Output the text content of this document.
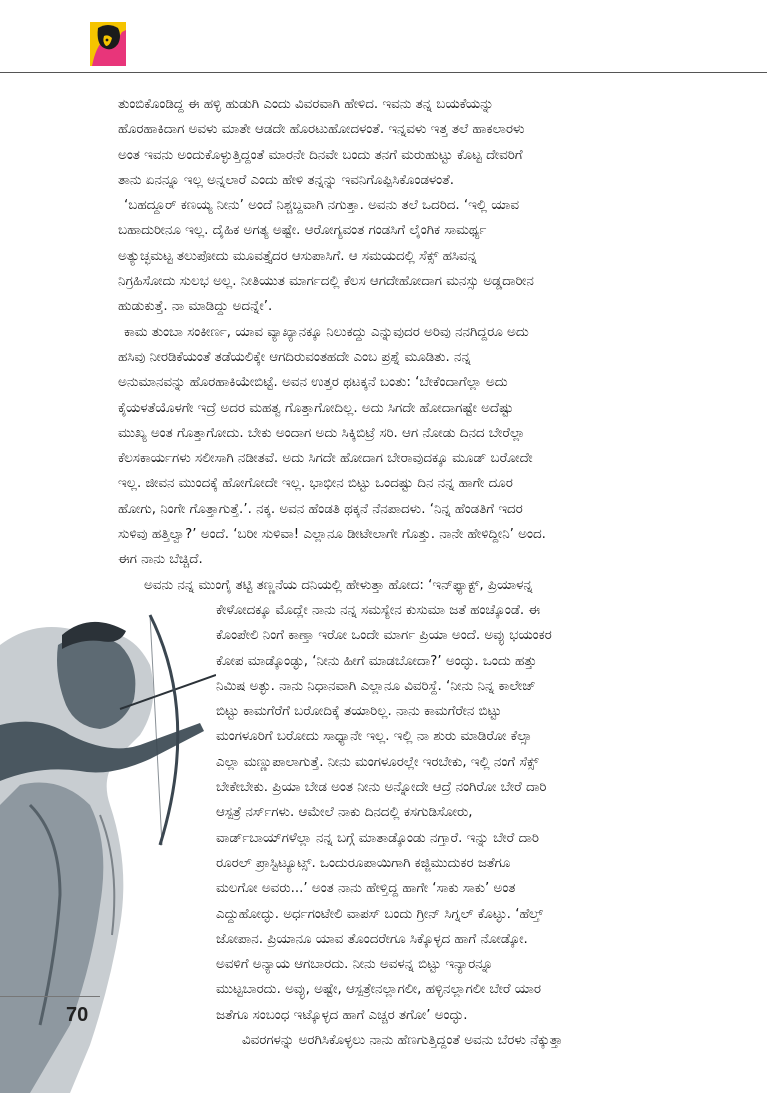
ತುಂಬಿಕೊಂಡಿದ್ದ ಈ ಹಳ್ಳಿ ಹುಡುಗಿ ಎಂದು ವಿವರವಾಗಿ ಹೇಳಿದ. ಇವನು ತನ್ನ ಬಯಕೆಯನ್ನು

ಹೊರಹಾಕಿದಾಗ ಅವಳು ಮಾತೇ ಆಡದೇ ಹೊರಟುಹೋದಳಂತೆ. ಇನ್ನವಳು ಇತ್ತ ತಲೆ ಹಾಕಲಾರಳು

ಅಂತ ಇವನು ಅಂದುಕೊಳ್ಳುತ್ತಿದ್ದಂತೆ ಮಾರನೇ ದಿನವೇ ಬಂದು ತನಗೆ ಮರುಹುಟ್ಟು ಕೊಟ್ಟ ದೇವರಿಗೆ

ತಾನು ಏನನ್ನೂ ಇಲ್ಲ ಅನ್ನಲಾರೆ ಎಂದು ಹೇಳಿ ತನ್ನನ್ನು ಇವನಿಗೊಪ್ಪಿಸಿಕೊಂಡಳಂತೆ.

‘ಬಹದ್ದೂರ್ ಕಣಯ್ಯ ನೀನು’ ಅಂದೆ ನಿಶ್ಚಬ್ದವಾಗಿ ನಗುತ್ತಾ. ಅವನು ತಲೆ ಒದರಿದ. ‘ಇಲ್ಲಿ ಯಾವ

ಬಹಾದುರೀನೂ ಇಲ್ಲ. ದೈಹಿಕ ಅಗತ್ಯ ಅಷ್ಟೇ. ಆರೋಗ್ಯವಂತ ಗಂಡಸಿಗೆ ಲೈಂಗಿಕ ಸಾಮರ್ಥ್ಯ

ಅತ್ಯುಚ್ಛಮಟ್ಟ ತಲುಪೋದು ಮೂವತ್ತೈದರ ಆಸುಪಾಸಿಗೆ. ಆ ಸಮಯದಲ್ಲಿ ಸೆಕ್ಸ್ ಹಸಿವನ್ನ

ನಿಗ್ರಹಿಸೋದು ಸುಲಭ ಅಲ್ಲ. ನೀತಿಯುತ ಮಾರ್ಗದಲ್ಲಿ ಕೆಲಸ ಆಗದೇಹೋದಾಗ ಮನಸ್ಸು ಅಡ್ಡದಾರೀನ

ಹುಡುಕುತ್ತೆ. ನಾ ಮಾಡಿದ್ದು ಅದನ್ನೇ’.

ಕಾಮ ತುಂಬಾ ಸಂಕೀರ್ಣ, ಯಾವ ವ್ಯಾಖ್ಯಾನಕ್ಕೂ ನಿಲುಕದ್ದು ಎನ್ನುವುದರ ಅರಿವು ನನಗಿದ್ದರೂ ಅದು

ಹಸಿವು ನೀರಡಿಕೆಯಂತೆ ತಡೆಯಲಿಕ್ಕೇ ಆಗದಿರುವಂತಹದೇ ಎಂಬ ಪ್ರಶ್ನೆ ಮೂಡಿತು. ನನ್ನ

ಅನುಮಾನವನ್ನು ಹೊರಹಾಕಿಯೇಬಿಟ್ಟೆ. ಅವನ ಉತ್ತರ ಥಟಕ್ಕನೆ ಬಂತು: ‘ಬೇಕೆಂದಾಗೆಲ್ಲಾ ಅದು

ಕೈಯಳತೆಯೊಳಗೇ ಇದ್ರೆ ಅದರ ಮಹತ್ವ ಗೊತ್ತಾಗೋದಿಲ್ಲ. ಅದು ಸಿಗದೇ ಹೋದಾಗಷ್ಟೇ ಅದೆಷ್ಟು

ಮುಖ್ಯ ಅಂತ ಗೊತ್ತಾಗೋದು. ಬೇಕು ಅಂದಾಗ ಅದು ಸಿಕ್ಕಿಬಿಟ್ರೆ ಸರಿ. ಆಗ ನೋಡು ದಿನದ ಬೇರೆಲ್ಲಾ

ಕೆಲಸಕಾರ್ಯಗಳು ಸಲೀಸಾಗಿ ನಡೀತವೆ. ಅದು ಸಿಗದೇ ಹೋದಾಗ ಬೇರಾವುದಕ್ಕೂ ಮೂಡ್ ಬರೋದೇ

ಇಲ್ಲ. ಜೀವನ ಮುಂದಕ್ಕೆ ಹೋಗೋದೇ ಇಲ್ಲ. ಭಾಭೀನ ಬಿಟ್ಟು ಒಂದಷ್ಟು ದಿನ ನನ್ನ ಹಾಗೇ ದೂರ

ಹೋಗು, ನಿಂಗೇ ಗೊತ್ತಾಗುತ್ತೆ.’. ನಕ್ಕ. ಅವನ ಹೆಂಡತಿ ಥಕ್ಕನೆ ನೆನಪಾದಳು. ‘ನಿನ್ನ ಹೆಂಡತಿಗೆ ಇದರ

ಸುಳಿವು ಹತ್ತಿಲ್ವಾ?’ ಅಂದೆ. ‘ಬರೀ ಸುಳಿವಾ! ಎಲ್ಲಾನೂ ಡೀಟೇಲಾಗೇ ಗೊತ್ತು. ನಾನೇ ಹೇಳಿದ್ದೀನಿ’ ಅಂದ.

ಈಗ ನಾನು ಬೆಚ್ಚಿದೆ.

ಅವನು ನನ್ನ ಮುಂಗೈ ತಟ್ಟಿ ತಣ್ಣನೆಯ ದನಿಯಲ್ಲಿ ಹೇಳುತ್ತಾ ಹೋದ: ‘ಇನ್‌ಫ್ಯಾಕ್ಟ್, ಪ್ರಿಯಾಳನ್ನ

70

ಕೇಳೋದಕ್ಕೂ ಮೊದ್ಲೇ ನಾನು ನನ್ನ ಸಮಸ್ಯೇನ ಕುಸುಮಾ ಜತೆ ಹಂಚ್ಕೊಂಡೆ. ಈ

ಕೊಂಪೇಲಿ ನಿಂಗೆ ಕಾಣ್ತಾ ಇರೋ ಒಂದೇ ಮಾರ್ಗ ಪ್ರಿಯಾ ಅಂದೆ. ಅವ್ಳು ಭಯಂಕರ

ಕೋಪ ಮಾಡ್ಕೊಂಡ್ಳು, ‘ನೀನು ಹೀಗೆ ಮಾಡಬೋದಾ?’ ಅಂದ್ಳು. ಒಂದು ಹತ್ತು

ನಿಮಿಷ ಅತ್ಳು. ನಾನು ನಿಧಾನವಾಗಿ ಎಲ್ಲಾನೂ ವಿವರಿಸ್ದೆ. ‘ನೀನು ನಿನ್ನ ಕಾಲೇಜ್

ಬಿಟ್ಟು ಕಾಮಗೆರೆಗೆ ಬರೋದಿಕ್ಕೆ ತಯಾರಿಲ್ಲ. ನಾನು ಕಾಮಗೆರೇನ ಬಿಟ್ಟು

ಮಂಗಳೂರಿಗೆ ಬರೋದು ಸಾಧ್ಯಾನೇ ಇಲ್ಲ. ಇಲ್ಲಿ ನಾ ಶುರು ಮಾಡಿರೋ ಕೆಲ್ಸಾ

ಎಲ್ಲಾ ಮಣ್ಣುಪಾಲಾಗುತ್ತೆ. ನೀನು ಮಂಗಳೂರಲ್ಲೇ ಇರಬೇಕು, ಇಲ್ಲಿ ನಂಗೆ ಸೆಕ್ಸ್

ಬೇಕೇಬೇಕು. ಪ್ರಿಯಾ ಬೇಡ ಅಂತ ನೀನು ಅನ್ನೋದೇ ಆದ್ರೆ ನಂಗಿರೋ ಬೇರೆ ದಾರಿ

ಆಸ್ಪತ್ರೆ ನರ್ಸ್‌ಗಳು. ಆಮೇಲೆ ನಾಕು ದಿನದಲ್ಲಿ ಕಸಗುಡಿಸೋರು,

ವಾರ್ಡ್‌ಬಾಯ್‌ಗಳೆಲ್ಲಾ ನನ್ನ ಬಗ್ಗೆ ಮಾತಾಡ್ಕೊಂಡು ನಗ್ತಾರೆ. ಇನ್ನು ಬೇರೆ ದಾರಿ

ರೂರಲ್ ಪ್ರಾಸ್ಟಿಟ್ಯೂಟ್ಸ್. ಒಂದುರೂಪಾಯಿಗಾಗಿ ಕಜ್ಜಿಮುದುಕರ ಜತೆಗೂ

ಮಲಗೋ ಅವರು...’ ಅಂತ ನಾನು ಹೇಳ್ತಿದ್ದ ಹಾಗೇ ‘ಸಾಕು ಸಾಕು’ ಅಂತ

ಎದ್ದುಹೋದ್ಳು. ಅರ್ಧಗಂಟೇಲಿ ವಾಪಸ್ ಬಂದು ಗ್ರೀನ್ ಸಿಗ್ನಲ್ ಕೊಟ್ಳು. ‘ಹೆಲ್ತ್

ಜೋಪಾನ. ಪ್ರಿಯಾನೂ ಯಾವ ತೊಂದರೇಗೂ ಸಿಕ್ಕೊಳ್ಳದ ಹಾಗೆ ನೋಡ್ಕೋ.

ಅವಳಿಗೆ ಅನ್ಯಾಯ ಆಗಬಾರದು. ನೀನು ಅವಳನ್ನ ಬಿಟ್ಟು ಇನ್ಯಾರನ್ನೂ

ಮುಟ್ಟಬಾರದು. ಅವ್ಳು, ಅಷ್ಟೇ, ಆಸ್ಪತ್ರೇನಲ್ಲಾಗಲೀ, ಹಳ್ಳಿನಲ್ಲಾಗಲೀ ಬೇರೆ ಯಾರ

ಜತೆಗೂ ಸಂಬಂಧ ಇಟ್ಕೊಳ್ಳದ ಹಾಗೆ ಎಚ್ಚರ ತಗೋ’ ಅಂದ್ಳು.

ವಿವರಗಳನ್ನು ಅರಗಿಸಿಕೊಳ್ಳಲು ನಾನು ಹೆಣಗುತ್ತಿದ್ದಂತೆ ಅವನು ಬೆರಳು ನೆಕ್ಕುತ್ತಾ
